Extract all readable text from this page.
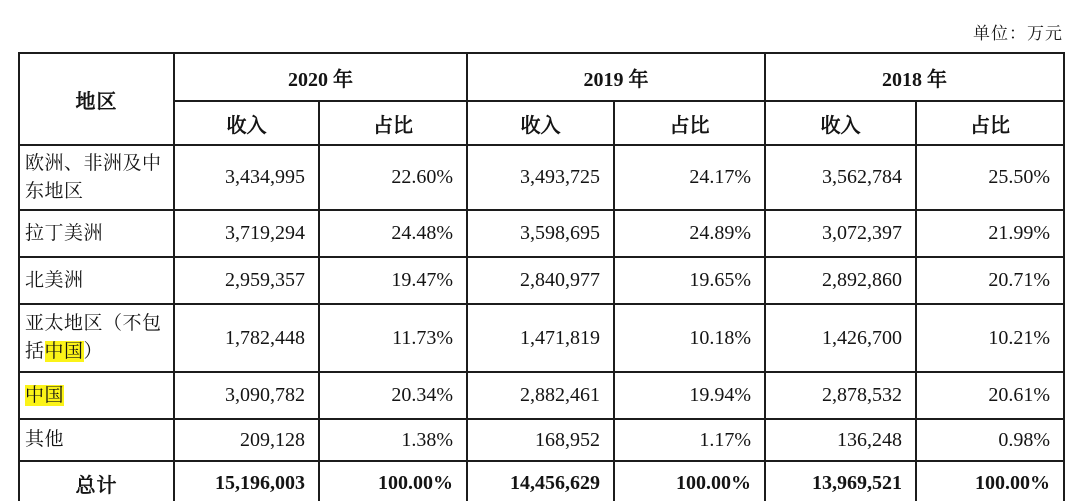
单位：万元
地区	2020 年		2019 年		2018 年	
	收入	占比	收入	占比	收入	占比
欧洲、非洲及中东地区	3,434,995	22.60%	3,493,725	24.17%	3,562,784	25.50%
拉丁美洲	3,719,294	24.48%	3,598,695	24.89%	3,072,397	21.99%
北美洲	2,959,357	19.47%	2,840,977	19.65%	2,892,860	20.71%
亚太地区（不包括中国）	1,782,448	11.73%	1,471,819	10.18%	1,426,700	10.21%
中国	3,090,782	20.34%	2,882,461	19.94%	2,878,532	20.61%
其他	209,128	1.38%	168,952	1.17%	136,248	0.98%
总计	15,196,003	100.00%	14,456,629	100.00%	13,969,521	100.00%
